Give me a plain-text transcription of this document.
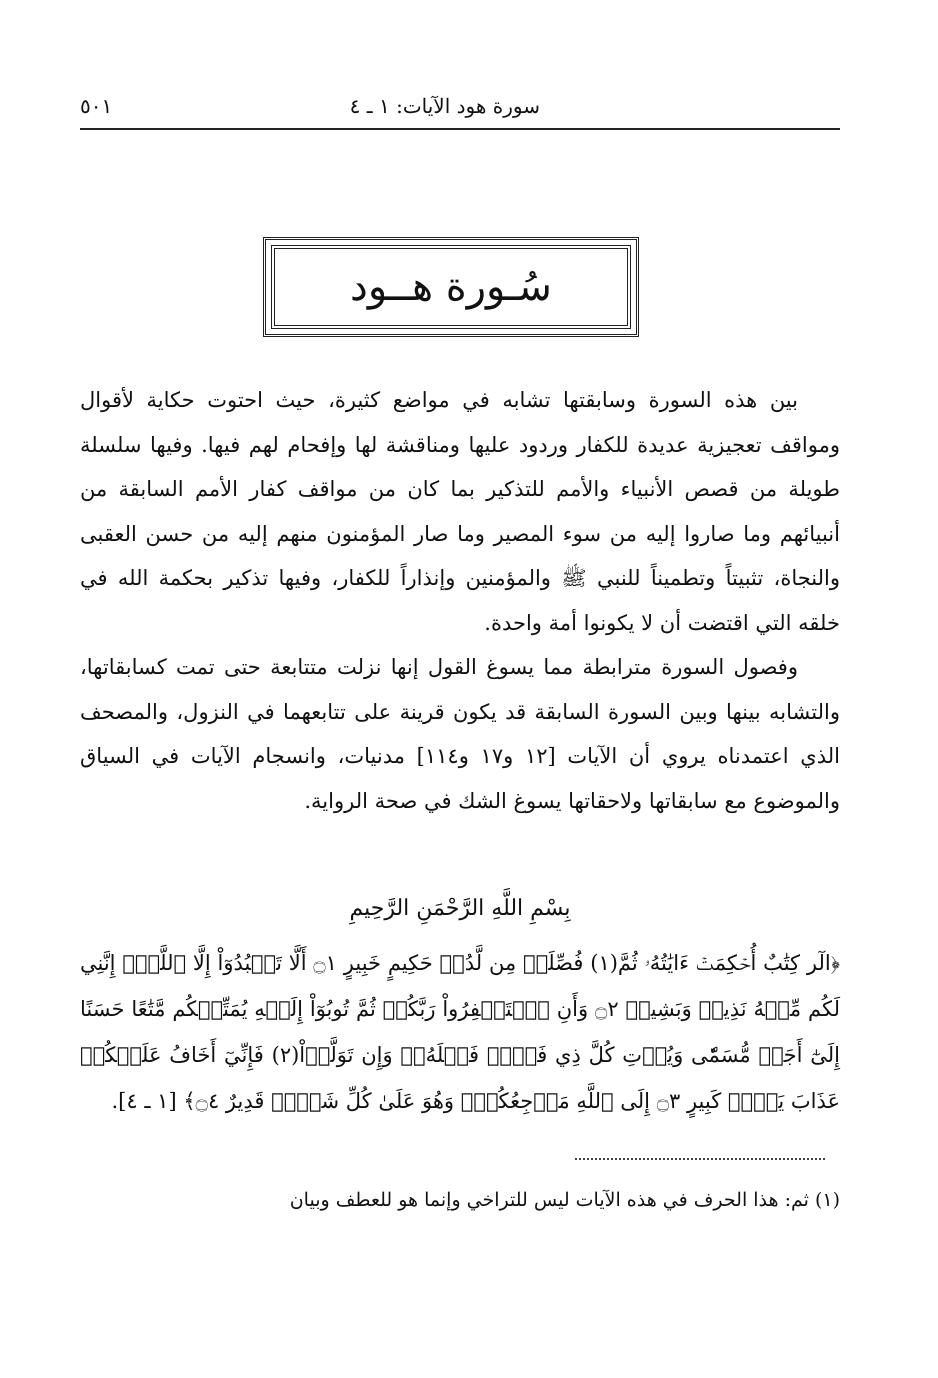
سورة هود الآيات: ١ ـ ٤
٥٠١
سُـورة هــود

بين هذه السورة وسابقتها تشابه في مواضع كثيرة، حيث احتوت حكاية لأقوال ومواقف تعجيزية عديدة للكفار وردود عليها ومناقشة لها وإفحام لهم فيها. وفيها سلسلة طويلة من قصص الأنبياء والأمم للتذكير بما كان من مواقف كفار الأمم السابقة من أنبيائهم وما صاروا إليه من سوء المصير وما صار المؤمنون منهم إليه من حسن العقبى والنجاة، تثبيتاً وتطميناً للنبي ﷺ والمؤمنين وإنذاراً للكفار، وفيها تذكير بحكمة الله في خلقه التي اقتضت أن لا يكونوا أمة واحدة.

وفصول السورة مترابطة مما يسوغ القول إنها نزلت متتابعة حتى تمت كسابقاتها، والتشابه بينها وبين السورة السابقة قد يكون قرينة على تتابعهما في النزول، والمصحف الذي اعتمدناه يروي أن الآيات [١٢ و١٧ و١١٤] مدنيات، وانسجام الآيات في السياق والموضوع مع سابقاتها ولاحقاتها يسوغ الشك في صحة الرواية.

بِسْمِ اللَّهِ الرَّحْمَنِ الرَّحِيمِ
﴿الٓر كِتَٰبٌ أُحۡكِمَتۡ ءَايَٰتُهُۥ ثُمَّ(١) فُصِّلَتۡ مِن لَّدُنۡ حَكِيمٍ خَبِيرٍ ۝١ أَلَّا تَعۡبُدُوٓاْ إِلَّا ٱللَّهَۚ إِنَّنِي لَكُم مِّنۡهُ نَذِيرٞ وَبَشِيرٞ ۝٢ وَأَنِ ٱسۡتَغۡفِرُواْ رَبَّكُمۡ ثُمَّ تُوبُوٓاْ إِلَيۡهِ يُمَتِّعۡكُم مَّتَٰعًا حَسَنًا إِلَىٰٓ أَجَلٖ مُّسَمّٗى وَيُؤۡتِ كُلَّ ذِي فَضۡلٖ فَضۡلَهُۥۖ وَإِن تَوَلَّوۡاْ(٢) فَإِنِّيٓ أَخَافُ عَلَيۡكُمۡ عَذَابَ يَوۡمٖ كَبِيرٍ ۝٣ إِلَى ٱللَّهِ مَرۡجِعُكُمۡۖ وَهُوَ عَلَىٰ كُلِّ شَيۡءٖ قَدِيرٌ ۝٤﴾ [١ ـ ٤].
(١) ثم: هذا الحرف في هذه الآيات ليس للتراخي وإنما هو للعطف وبيان
